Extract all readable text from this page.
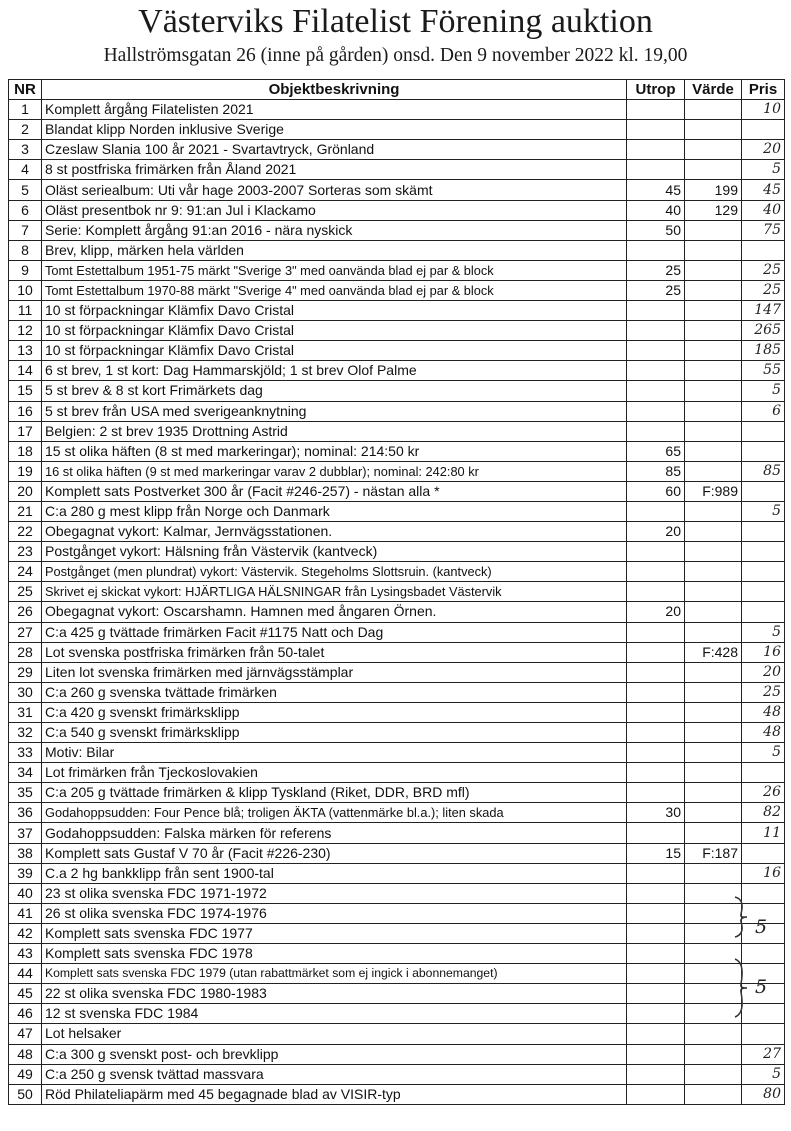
Västerviks Filatelist Förening auktion
Hallströmsgatan 26 (inne på gården) onsd. Den 9 november 2022 kl. 19,00
NR	Objektbeskrivning	Utrop	Värde	Pris
1	Komplett årgång Filatelisten 2021			10
2	Blandat klipp Norden inklusive Sverige			
3	Czeslaw Slania 100 år 2021 - Svartavtryck, Grönland			20
4	8 st postfriska frimärken från Åland 2021			5
5	Oläst seriealbum: Uti vår hage 2003-2007 Sorteras som skämt	45	199	45
6	Oläst presentbok nr 9: 91:an Jul i Klackamo	40	129	40
7	Serie: Komplett årgång 91:an 2016 - nära nyskick	50		75
8	Brev, klipp, märken hela världen			
9	Tomt Estettalbum 1951-75 märkt "Sverige 3" med oanvända blad ej par & block	25		25
10	Tomt Estettalbum 1970-88 märkt "Sverige 4" med oanvända blad ej par & block	25		25
11	10 st förpackningar Klämfix Davo Cristal			147
12	10 st förpackningar Klämfix Davo Cristal			265
13	10 st förpackningar Klämfix Davo Cristal			185
14	6 st brev, 1 st kort: Dag Hammarskjöld; 1 st brev Olof Palme			55
15	5 st brev & 8 st kort Frimärkets dag			5
16	5 st brev från USA med sverigeanknytning			6
17	Belgien: 2 st brev 1935 Drottning Astrid			
18	15 st olika häften (8 st med markeringar); nominal: 214:50 kr	65		
19	16 st olika häften (9 st med markeringar varav 2 dubblar); nominal: 242:80 kr	85		85
20	Komplett sats Postverket 300 år (Facit #246-257) - nästan alla *	60	F:989	
21	C:a 280 g mest klipp från Norge och Danmark			5
22	Obegagnat vykort: Kalmar, Jernvägsstationen.	20		
23	Postgånget vykort: Hälsning från Västervik (kantveck)			
24	Postgånget (men plundrat) vykort: Västervik. Stegeholms Slottsruin. (kantveck)			
25	Skrivet ej skickat vykort: HJÄRTLIGA HÄLSNINGAR från Lysingsbadet Västervik			
26	Obegagnat vykort: Oscarshamn. Hamnen med ångaren Örnen.	20		
27	C:a 425 g tvättade frimärken Facit #1175 Natt och Dag			5
28	Lot svenska postfriska frimärken från 50-talet		F:428	16
29	Liten lot svenska frimärken med järnvägsstämplar			20
30	C:a 260 g svenska tvättade frimärken			25
31	C:a 420 g svenskt frimärksklipp			48
32	C:a 540 g svenskt frimärksklipp			48
33	Motiv: Bilar			5
34	Lot frimärken från Tjeckoslovakien			
35	C:a 205 g tvättade frimärken & klipp Tyskland (Riket, DDR, BRD mfl)			26
36	Godahoppsudden: Four Pence blå; troligen ÄKTA (vattenmärke bl.a.); liten skada	30		82
37	Godahoppsudden: Falska märken för referens			11
38	Komplett sats Gustaf V 70 år (Facit #226-230)	15	F:187	
39	C.a 2 hg bankklipp från sent 1900-tal			16
40	23 st olika svenska FDC 1971-1972			
41	26 st olika svenska FDC 1974-1976			
42	Komplett sats svenska FDC 1977			
43	Komplett sats svenska FDC 1978			
44	Komplett sats svenska FDC 1979 (utan rabattmärket som ej ingick i abonnemanget)			
45	22 st olika svenska FDC 1980-1983			
46	12 st svenska FDC 1984			
47	Lot helsaker			
48	C:a 300 g svenskt post- och brevklipp			27
49	C:a 250 g svensk tvättad massvara			5
50	Röd Philateliapärm med 45 begagnade blad av VISIR-typ			80
5
5
